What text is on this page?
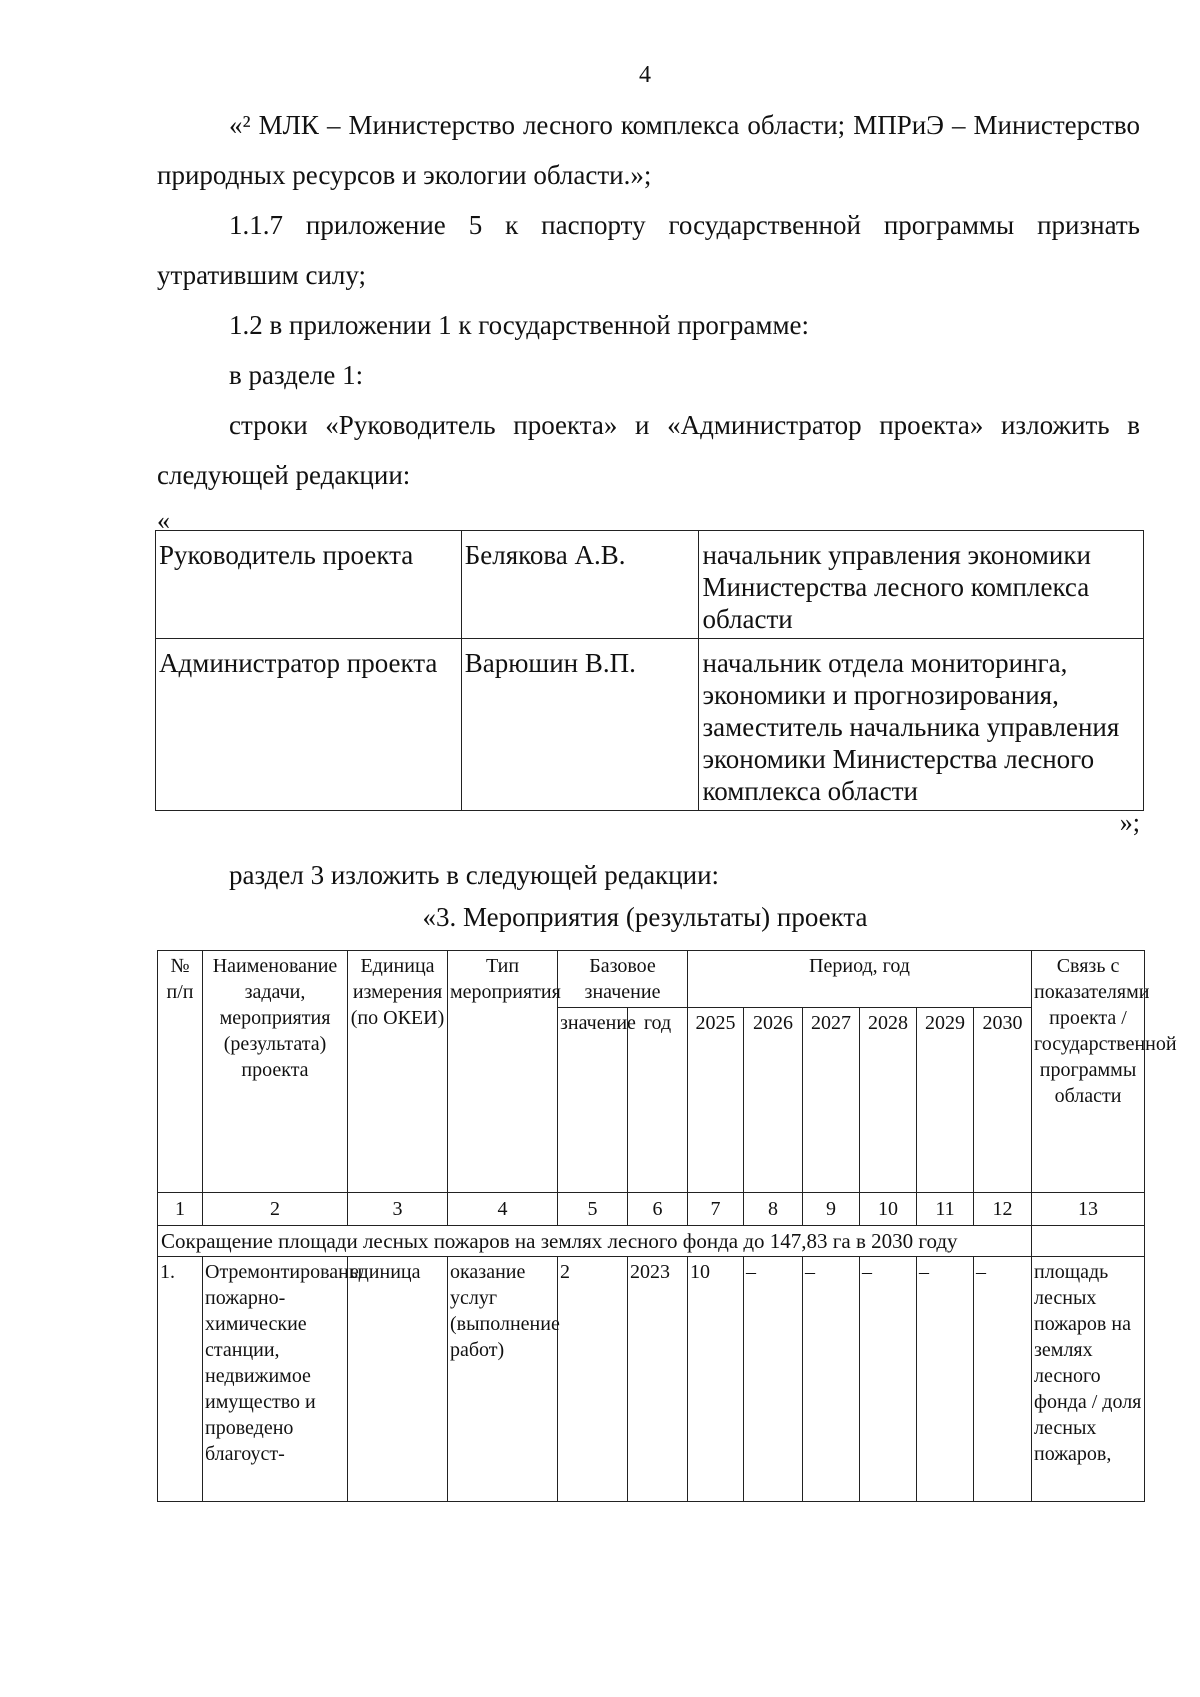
4

«² МЛК – Министерство лесного комплекса области; МПРиЭ – Министерство природных ресурсов и экологии области.»;

1.1.7 приложение 5 к паспорту государственной программы признать утратившим силу;

1.2 в приложении 1 к государственной программе:

в разделе 1:

строки «Руководитель проекта» и «Администратор проекта» изложить в следующей редакции:

«
Руководитель проекта	Белякова А.В.	начальник управления экономики Министерства лесного комплекса области
Администратор проекта	Варюшин В.П.	начальник отдела мониторинга, экономики и прогнозирования, заместитель начальника управления экономики Министерства лесного комплекса области
»;

раздел 3 изложить в следующей редакции:

«3. Мероприятия (результаты) проекта
№ п/п	Наименование задачи, мероприятия (результата) проекта	Единица измерения (по ОКЕИ)	Тип мероприятия	Базовое значение		Период, год						Связь с показателями проекта / государственной программы области
				значение	год	2025	2026	2027	2028	2029	2030	
1	2	3	4	5	6	7	8	9	10	11	12	13
Сокращение площади лесных пожаров на землях лесного фонда до 147,83 га в 2030 году												
1.	Отремонтированы пожарно-химические станции, недвижимое имущество и проведено благоуст-	единица	оказание услуг (выполнение работ)	2	2023	10	–	–	–	–	–	площадь лесных пожаров на землях лесного фонда / доля лесных пожаров,
